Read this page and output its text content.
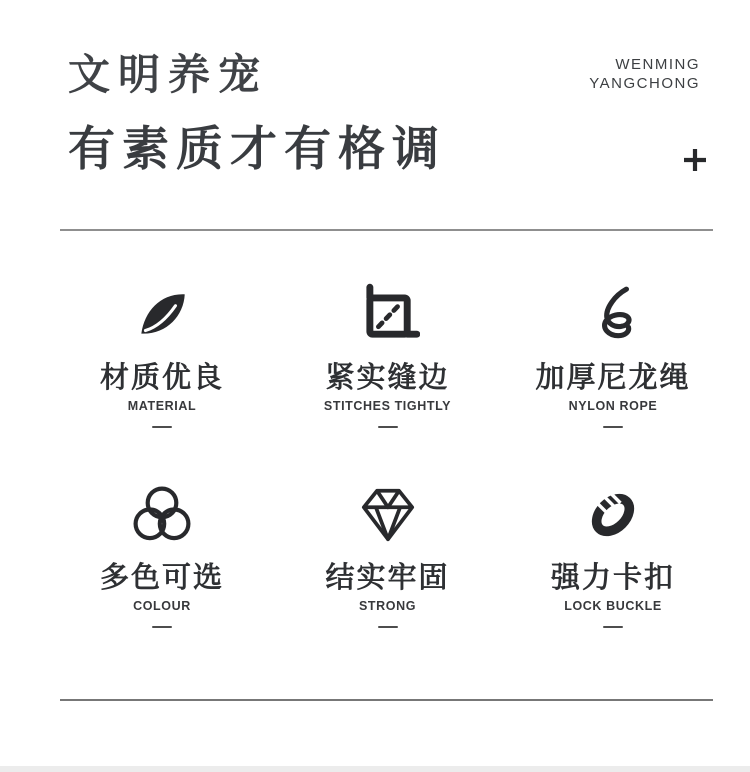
文明养宠
有素质才有格调
WENMING
YANGCHONG
材质优良
MATERIAL
紧实缝边
STITCHES TIGHTLY
加厚尼龙绳
NYLON ROPE
多色可选
COLOUR
结实牢固
STRONG
强力卡扣
LOCK BUCKLE
